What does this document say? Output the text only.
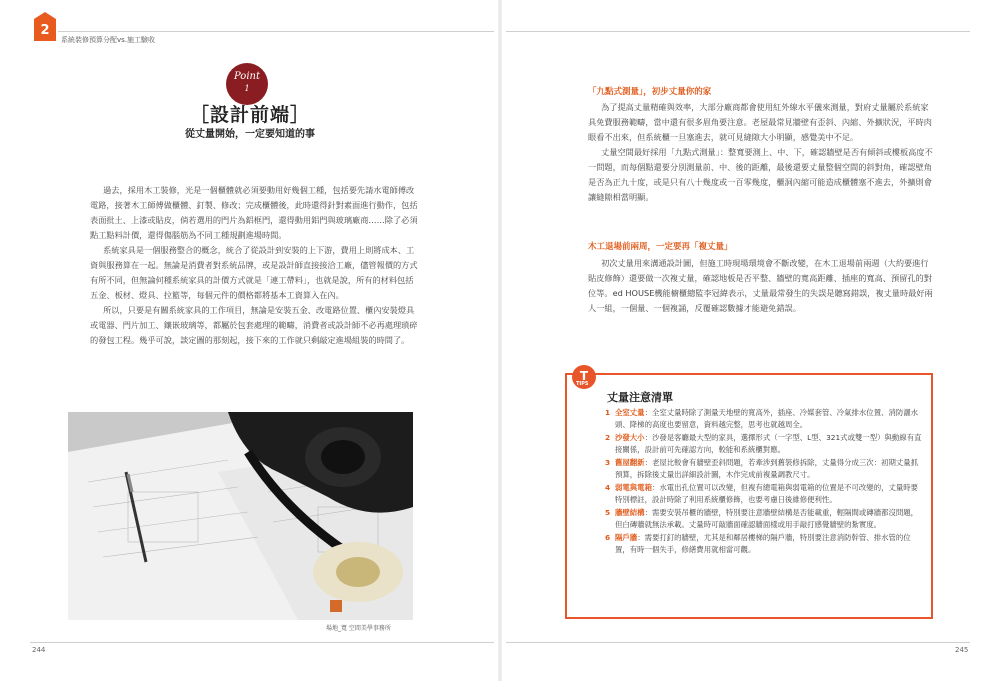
2
系統裝修預算分配vs.施工驗收
Point
1
［設計前端］
從丈量開始，一定要知道的事

過去，採用木工裝修，光是一個櫃體就必須要動用好幾個工種，包括要先請水電師傅改電路，接著木工師傅做櫃體、釘製、修改；完成櫃體後，此時還得針對素面進行動作，包括表面批土、上漆或貼皮，倘若選用的門片為鋁框門，還得動用鋁門與玻璃廠商……除了必須點工點料計價，還得傷腦筋為不同工種規劃進場時間。

系統家具是一個服務整合的概念，統合了從設計到安裝的上下游，費用上則將成本、工資與服務算在一起。無論是消費者對系統品牌，或是設計師直接接洽工廠，儘管報價的方式有所不同，但無論何種系統家具的計價方式就是「連工帶料」，也就是說，所有的材料包括五金、板材、燈具、拉籃等，每個元件的價格都將基本工資算入在內。

所以，只要是有關系統家具的工作項目，無論是安裝五金、改電路位置、櫃內安裝燈具或電器、門片加工、鑲嵌玻璃等，都屬於包套處理的範疇，消費者或設計師不必再處理瑣碎的發包工程。幾乎可說，談定圖的那刻起，接下來的工作就只剩敲定進場組裝的時間了。

場地_寬 空間美學事務所
「九點式測量」，初步丈量你的家

為了提高丈量精確與效率，大部分廠商都會使用紅外線水平儀來測量，對府丈量屬於系統家具免費服務範疇，當中還有很多眉角要注意。老屋最常見牆壁有歪斜、內縮、外擴狀況，平時肉眼看不出來，但系統櫃一旦塞進去，就可見縫隙大小明顯，感覺美中不足。

丈量空間最好採用「九點式測量」：整寬要測上、中、下，確認牆壁是否有傾斜或樓板高度不一問題，而每個點還要分別測量前、中、後的距離，最後還要丈量整個空間的斜對角，確認壁角是否為正九十度，或是只有八十幾度或一百零幾度，櫃洞內縮可能造成櫃體塞不進去，外擴則會讓縫隙相當明顯。

木工退場前兩周，一定要再「複丈量」

初次丈量用來溝通設計圖，但施工時現場環境會不斷改變，在木工退場前兩週（大約要進行貼皮修飾）還要做一次複丈量，確認地板是否平整、牆壁的寬高距離、插座的寬高、預留孔的對位等。ed HOUSE機能櫥櫃總監李冠緯表示，丈量最常發生的失誤是聽寫錯誤，複丈量時最好兩人一組，一個量、一個複誦，反覆確認數據才能避免錯誤。

T
TIPS
丈量注意清單
1 全室丈量：全室丈量時除了測量天地壁的寬高外，插座、冷媒套管、冷氣排水位置、消防灑水頭、降梯的高度也要留意，資料越完整，思考也就越周全。
2 沙發大小：沙發是客廳最大型的家具，選擇形式（一字型、L型、321式或雙一型）與動線有直接關係，設計前可先確認方向，較能和系統櫃對應。
3 舊屋翻新：老屋比較會有牆壁歪斜問題，若牽涉到舊裝修拆除，丈量得分成三次：初期丈量抓預算，拆除後丈量出詳細設計圖，木作完成前複量調教尺寸。
4 弱電與電箱：水電出孔位置可以改變，但複有總電箱與弱電箱的位置是不可改變的，丈量時要特別標註，設計時除了利用系統櫃修飾，也要考慮日後維修便利性。
5 牆壁結構：需要安裝吊櫃的牆壁，特別要注意牆壁結構是否能載重，輕隔間或磚牆都沒問題，但白磚牆就無法承載。丈量時可敲牆面確認牆面樣或用手敲打感覺牆壁的紮實度。
6 隔戶牆：需要打釘的牆壁，尤其是和鄰居樓梯的隔戶牆，特別要注意消防幹管、排水管的位置，有時一個失手，修繕費用就相當可觀。
244	245
